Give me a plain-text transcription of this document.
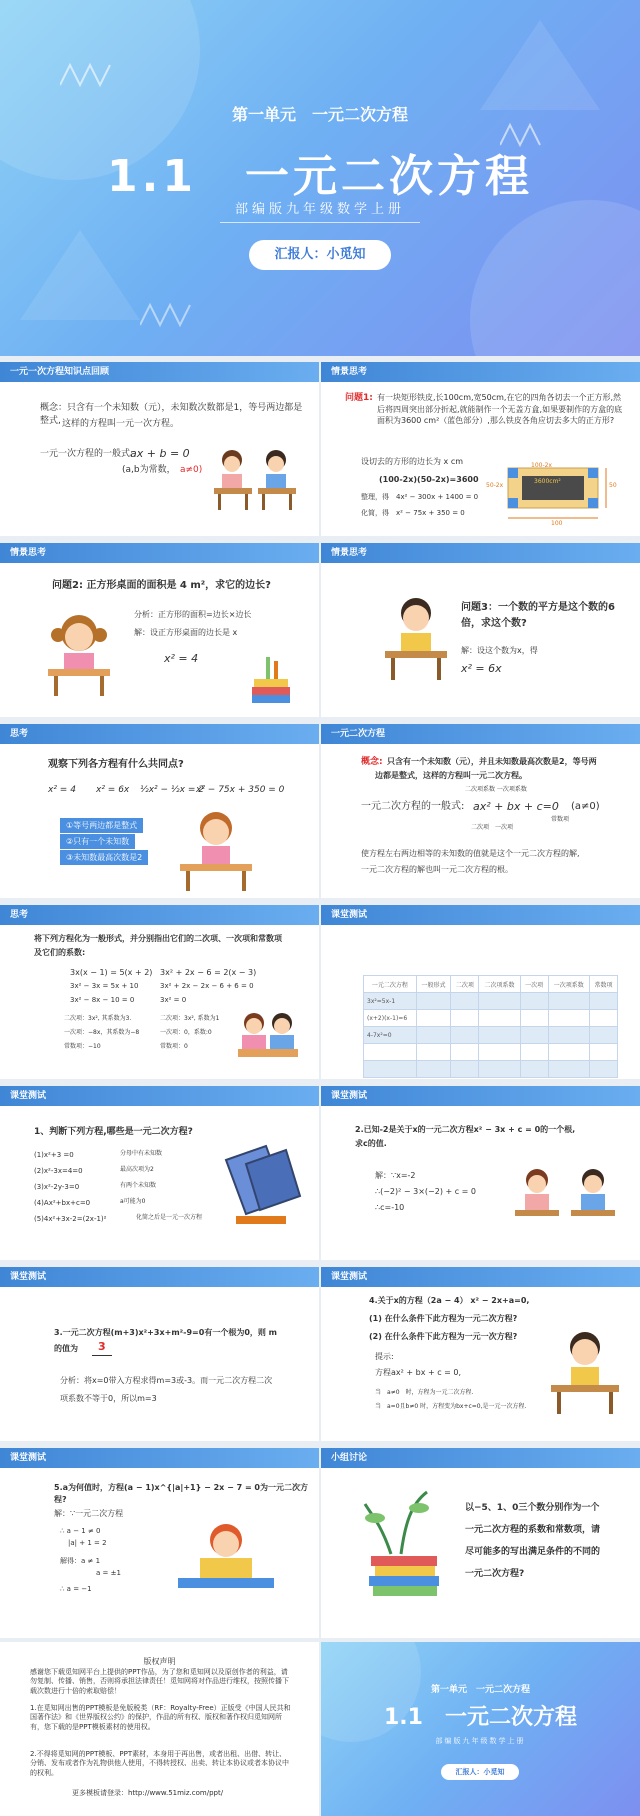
第一单元　一元二次方程
1.1　一元二次方程
部编版九年级数学上册
汇报人：小觅知
一元一次方程知识点回顾
概念：只含有一个未知数（元），未知数次数都是1，等号两边都是整式, 这样的方程叫一元一次方程。
一元一次方程的一般式:
ax + b = 0
(a,b为常数， a≠0)
情景思考
问题1: 有一块矩形铁皮,长100cm,宽50cm,在它的四角各切去一个正方形,然后将四周突出部分折起,就能制作一个无盖方盒,如果要制作的方盒的底面积为3600 cm²（蓝色部分）,那么铁皮各角应切去多大的正方形?
设切去的方形的边长为 x cm
(100-2x)(50-2x)=3600
整理，得　4x² − 300x + 1400 = 0
化简，得　x² − 75x + 350 = 0
100-2x
3600cm²
50-2x	50
100
情景思考
问题2: 正方形桌面的面积是 4 m²，求它的边长?
分析：正方形的面积=边长×边长
解：设正方形桌面的边长是 x
x² = 4
情景思考
问题3：一个数的平方是这个数的6
倍，求这个数?
解：设这个数为x，得
x² = 6x
思考
观察下列各方程有什么共同点?
x² = 4 x² = 6x ½x² − ½x = 2
x² − 75x + 350 = 0
①等号两边都是整式
②只有一个未知数
③未知数最高次数是2
一元二次方程
概念: 只含有一个未知数（元），并且未知数最高次数是2，等号两
边都是整式，这样的方程叫一元二次方程。
二次项系数 一次项系数
一元二次方程的一般式: ax² + bx + c=0 (a≠0)
常数项
二次项　一次项
使方程左右两边相等的未知数的值就是这个一元二次方程的解,
一元二次方程的解也叫一元二次方程的根。
思考
将下列方程化为一般形式，并分别指出它们的二次项、一次项和常数项
及它们的系数:
3x(x − 1) = 5(x + 2)
3x² − 3x = 5x + 10
3x² − 8x − 10 = 0
二次项：3x², 其系数为3.
一次项：−8x，其系数为−8
常数项：−10
3x² + 2x − 6 = 2(x − 3)
3x² + 2x − 2x − 6 + 6 = 0
3x² = 0
二次项：3x², 系数为1
一次项：0，系数:0
常数项：0
课堂测试
一元二次方程	一般形式	二次项	二次项系数	一次项	一次项系数	常数项
3x²=5x-1						
(x+2)(x-1)=6						
4-7x²=0						

课堂测试
1、判断下列方程,哪些是一元二次方程?
(1)x²+3 =0
(2)x²-3x=4=0
(3)x²-2y-3=0
(4)Ax²+bx+c=0
(5)4x²+3x-2=(2x-1)²
分母中有未知数
最高次项为2
有两个未知数
a可能为0
化简之后是一元一次方程
课堂测试
2.已知-2是关于x的一元二次方程x² − 3x + c = 0的一个根,
求c的值.
解：∵x=-2
∴(−2)² − 3×(−2) + c = 0
∴c=-10
课堂测试
3.一元二次方程(m+3)x²+3x+m²-9=0有一个根为0，则 m
的值为	3
分析：将x=0带入方程求得m=3或-3。而一元二次方程二次
项系数不等于0，所以m=3
课堂测试
4.关于x的方程（2a − 4） x² − 2x+a=0,
(1) 在什么条件下此方程为一元二次方程?
(2) 在什么条件下此方程为一元一次方程?
提示:
方程ax² + bx + c = 0,
当　a≠0　时，方程为一元二次方程.
当　a=0且b≠0 时，方程变为bx+c=0,是一元一次方程.
课堂测试
5.a为何值时，方程(a − 1)x^{|a|+1} − 2x − 7 = 0为一元二次方程?
解：∵一元二次方程
∴ a − 1 ≠ 0
|a| + 1 = 2
解得：a ≠ 1
a = ±1
∴ a = −1
小组讨论
以−5、1、0三个数分别作为一个
一元二次方程的系数和常数项，请
尽可能多的写出满足条件的不同的
一元二次方程?
版权声明
感谢您下载觅知网平台上提供的PPT作品，为了您和觅知网以及原创作者的利益，请勿复制、传播、销售，否则将承担法律责任！觅知网将对作品进行维权，按照传播下载次数进行十倍的索取赔偿！
1.在觅知网出售的PPT模板是免版税类（RF：Royalty-Free）正版受《中国人民共和国著作法》和《世界版权公约》的保护，作品的所有权、版权和著作权归觅知网所有，您下载的是PPT模板素材的使用权。
2.不得将觅知网的PPT模板、PPT素材，本身用于再出售，或者出租、出借、转让、分销、发布或者作为礼物供他人使用，不得转授权、出卖、转让本协议或者本协议中的权利。
更多模板请登录：http://www.51miz.com/ppt/
第一单元　一元二次方程
1.1　一元二次方程
部编版九年级数学上册
汇报人：小觅知
